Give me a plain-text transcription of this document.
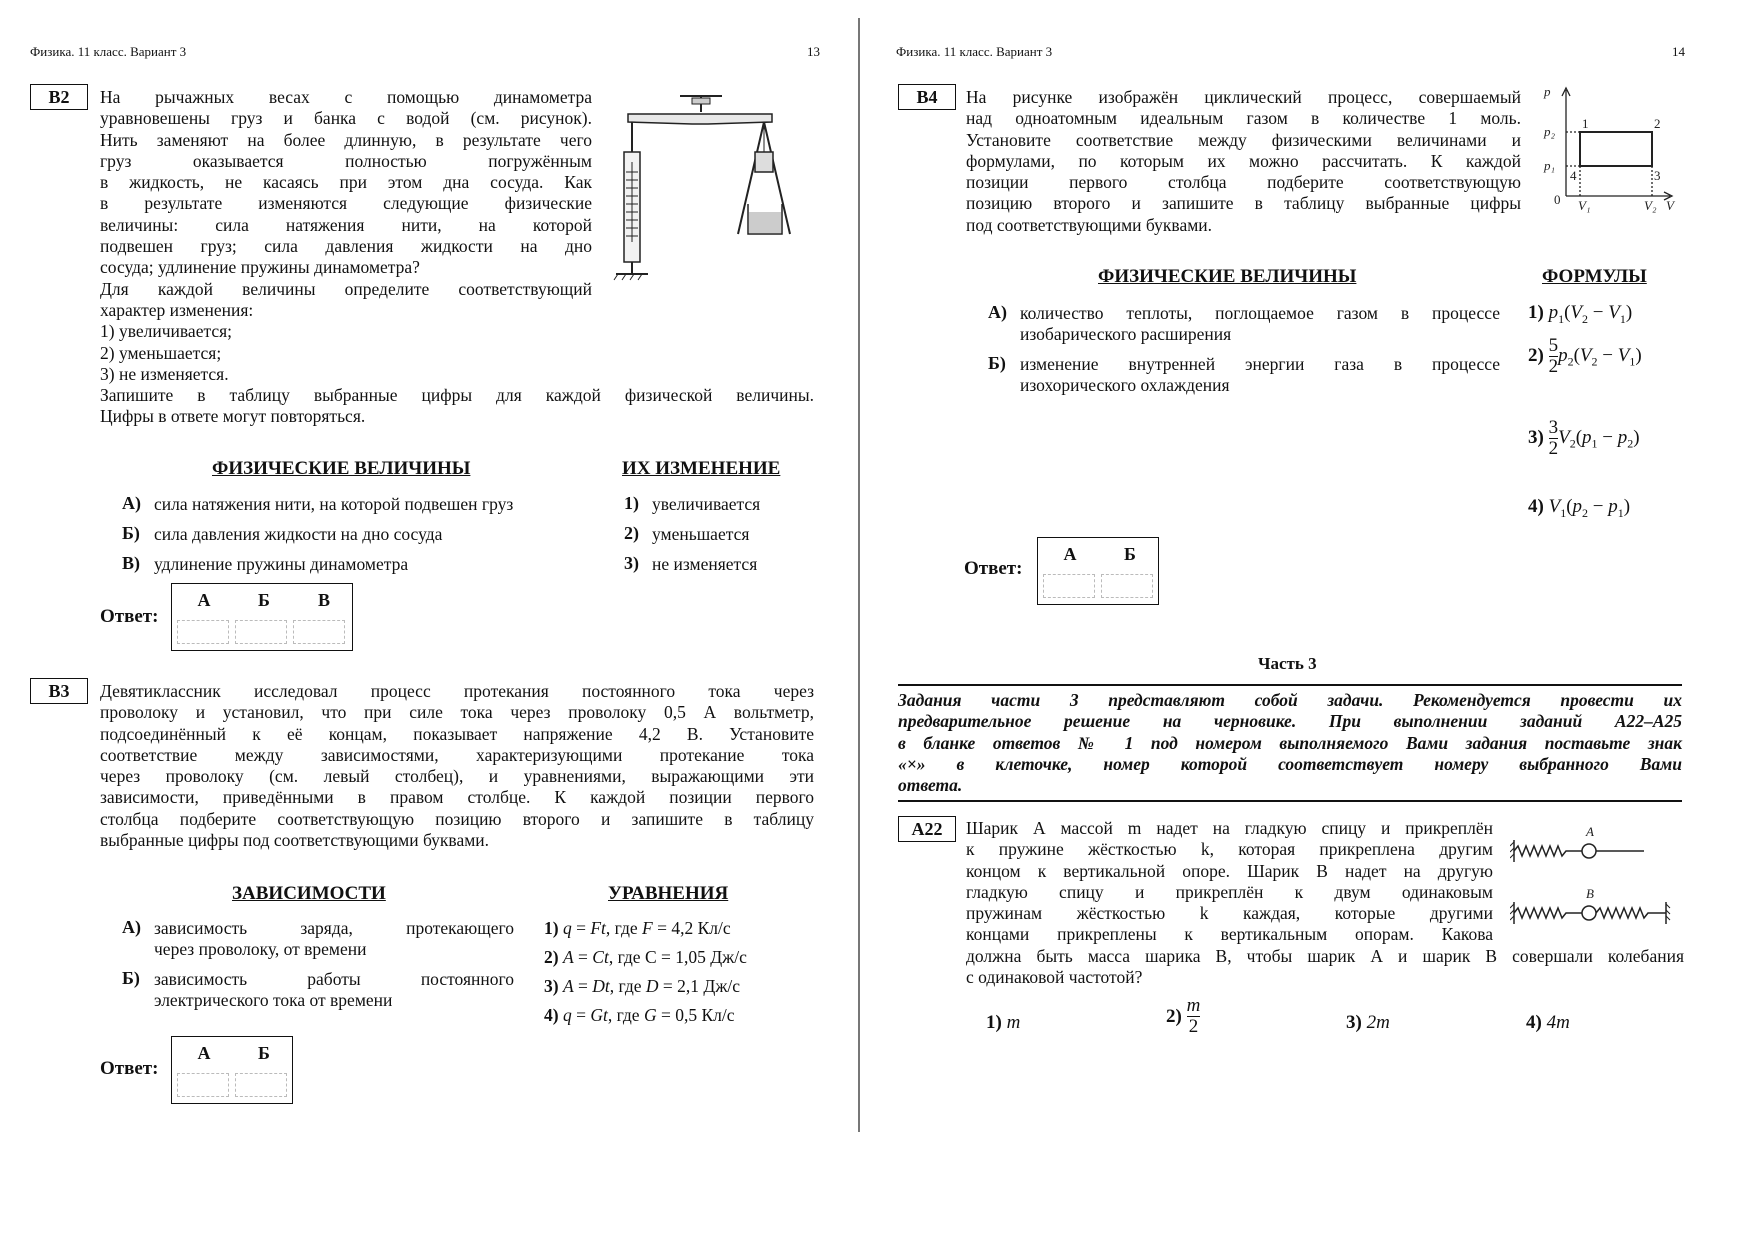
Физика. 11 класс. Вариант 3	13
B2	На рычажных весах с помощью динамометра
уравновешены груз и банка с водой (см. рисунок).
Нить заменяют на более длинную, в результате чего
груз оказывается полностью погружённым
в жидкость, не касаясь при этом дна сосуда. Как
в результате изменяются следующие физические
величины: сила натяжения нити, на которой
подвешен груз; сила давления жидкости на дно
сосуда; удлинение пружины динамометра?
Для каждой величины определите соответствующий
характер изменения:
1) увеличивается;
2) уменьшается;
3) не изменяется.
Запишите в таблицу выбранные цифры для каждой физической величины.
Цифры в ответе могут повторяться.
ФИЗИЧЕСКИЕ ВЕЛИЧИНЫ	ИХ ИЗМЕНЕНИЕ
А) сила натяжения нити, на которой подвешен груз
Б) сила давления жидкости на дно сосуда
В) удлинение пружины динамометра
1) увеличивается
2) уменьшается
3) не изменяется
Ответ:
А	Б	В
B3	Девятиклассник исследовал процесс протекания постоянного тока через
проволоку и установил, что при силе тока через проволоку 0,5 А вольтметр,
подсоединённый к её концам, показывает напряжение 4,2 В. Установите
соответствие между зависимостями, характеризующими протекание тока
через проволоку (см. левый столбец), и уравнениями, выражающими эти
зависимости, приведёнными в правом столбце. К каждой позиции первого
столбца подберите соответствующую позицию второго и запишите в таблицу
выбранные цифры под соответствующими буквами.
ЗАВИСИМОСТИ	УРАВНЕНИЯ
А) зависимость заряда, протекающего
через проволоку, от времени
Б) зависимость работы постоянного
электрического тока от времени
1) q = Ft, где F = 4,2 Кл/с
2) A = Ct, где C = 1,05 Дж/с
3) A = Dt, где D = 2,1 Дж/с
4) q = Gt, где G = 0,5 Кл/с
Ответ:
А	Б
Физика. 11 класс. Вариант 3	14
B4	На рисунке изображён циклический процесс, совершаемый
над одноатомным идеальным газом в количестве 1 моль.
Установите соответствие между физическими величинами и
формулами, по которым их можно рассчитать. К каждой
позиции первого столбца подберите соответствующую
позицию второго и запишите в таблицу выбранные цифры
под соответствующими буквами.
p
p₂
p₁
V₁	V₂ V
0
1	2
3
4
ФИЗИЧЕСКИЕ ВЕЛИЧИНЫ	ФОРМУЛЫ
А) количество теплоты, поглощаемое газом в процессе
изобарического расширения
Б) изменение внутренней энергии газа в процессе
изохорического охлаждения
1) $p_1(V_2 - V_1)$
$2) \frac{5}{2} p_2(V_2 - V_1)$
$3) \frac{3}{2} V_2(p_1 - p_2)$
4) $V_1(p_2 - p_1)$
Ответ:
А	Б
Часть 3
Задания части 3 представляют собой задачи. Рекомендуется провести их
предварительное решение на черновике. При выполнении заданий А22–А25
в бланке ответов № 1 под номером выполняемого Вами задания поставьте знак
«×» в клеточке, номер которой соответствует номеру выбранного Вами
ответа.
A22	Шарик А массой m надет на гладкую спицу и прикреплён
к пружине жёсткостью k, которая прикреплена другим
концом к вертикальной опоре. Шарик В надет на другую
гладкую спицу и прикреплён к двум одинаковым
пружинам жёсткостью k каждая, которые другими
концами прикреплены к вертикальным опорам. Какова
должна быть масса шарика В, чтобы шарик А и шарик В совершали колебания
с одинаковой частотой?
A
B
1) m	$2) \frac{m}{2}$	3) 2m	4) 4m
